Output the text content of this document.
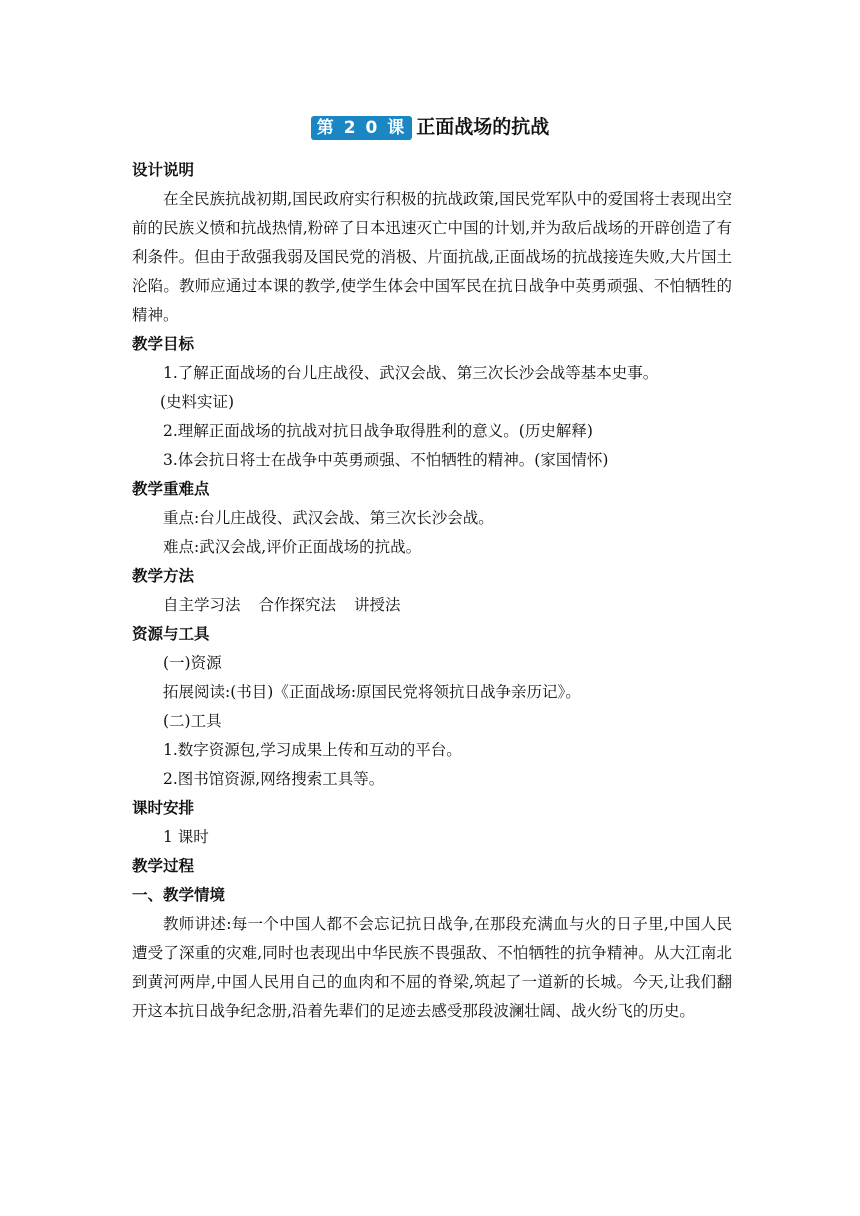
第 2 0 课 正面战场的抗战

设计说明

在全民族抗战初期,国民政府实行积极的抗战政策,国民党军队中的爱国将士表现出空前的民族义愤和抗战热情,粉碎了日本迅速灭亡中国的计划,并为敌后战场的开辟创造了有利条件。但由于敌强我弱及国民党的消极、片面抗战,正面战场的抗战接连失败,大片国土沦陷。教师应通过本课的教学,使学生体会中国军民在抗日战争中英勇顽强、不怕牺牲的精神。

教学目标

1.了解正面战场的台儿庄战役、武汉会战、第三次长沙会战等基本史事。

(史料实证)

2.理解正面战场的抗战对抗日战争取得胜利的意义。(历史解释)

3.体会抗日将士在战争中英勇顽强、不怕牺牲的精神。(家国情怀)

教学重难点

重点:台儿庄战役、武汉会战、第三次长沙会战。

难点:武汉会战,评价正面战场的抗战。

教学方法

自主学习法 合作探究法 讲授法

资源与工具

(一)资源

拓展阅读:(书目)《正面战场:原国民党将领抗日战争亲历记》。

(二)工具

1.数字资源包,学习成果上传和互动的平台。

2.图书馆资源,网络搜索工具等。

课时安排

1 课时

教学过程

一、教学情境

教师讲述:每一个中国人都不会忘记抗日战争,在那段充满血与火的日子里,中国人民遭受了深重的灾难,同时也表现出中华民族不畏强敌、不怕牺牲的抗争精神。从大江南北到黄河两岸,中国人民用自己的血肉和不屈的脊梁,筑起了一道新的长城。今天,让我们翻开这本抗日战争纪念册,沿着先辈们的足迹去感受那段波澜壮阔、战火纷飞的历史。
